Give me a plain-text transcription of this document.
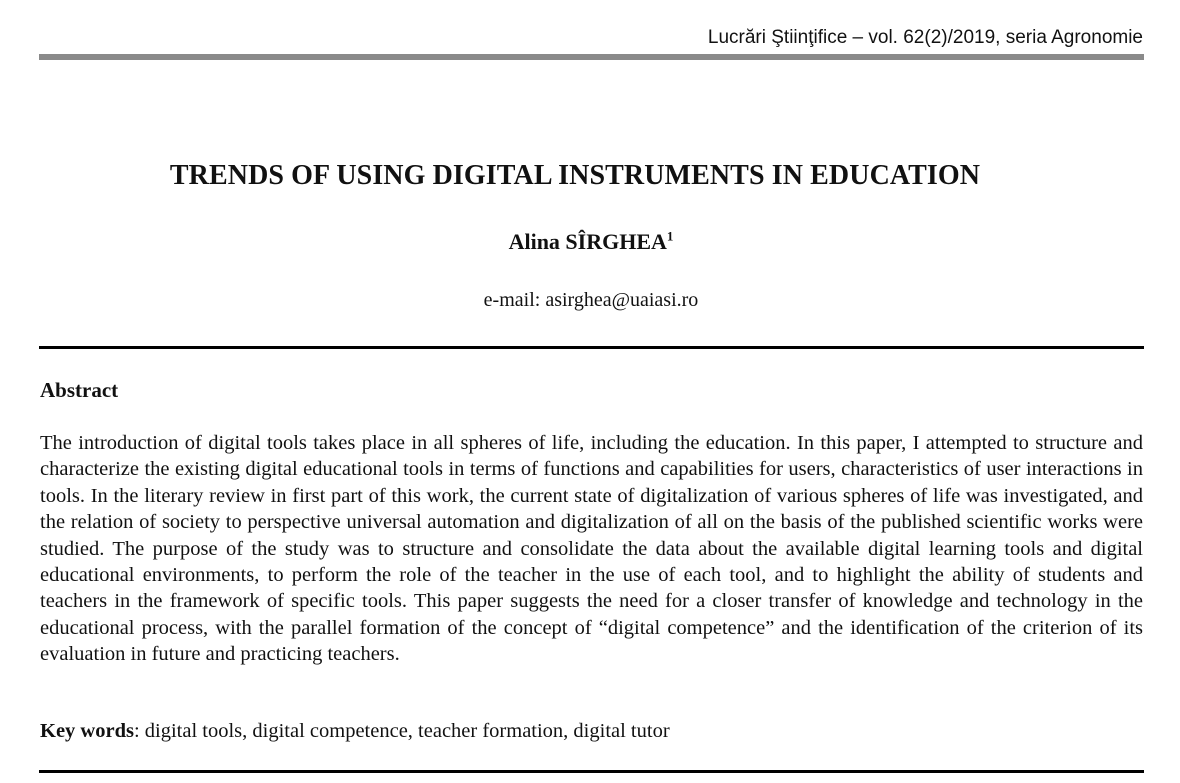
Lucrări Ştiinţifice – vol. 62(2)/2019, seria Agronomie
TRENDS OF USING DIGITAL INSTRUMENTS IN EDUCATION
Alina SÎRGHEA$^1$
e-mail: asirghea@uaiasi.ro
Abstract
The introduction of digital tools takes place in all spheres of life, including the education. In this paper, I attempted to structure and characterize the existing digital educational tools in terms of functions and capabilities for users, characteristics of user interactions in tools. In the literary review in first part of this work, the current state of digitalization of various spheres of life was investigated, and the relation of society to perspective universal automation and digitalization of all on the basis of the published scientific works were studied. The purpose of the study was to structure and consolidate the data about the available digital learning tools and digital educational environments, to perform the role of the teacher in the use of each tool, and to highlight the ability of students and teachers in the framework of specific tools. This paper suggests the need for a closer transfer of knowledge and technology in the educational process, with the parallel formation of the concept of “digital competence” and the identification of the criterion of its evaluation in future and practicing teachers.
Key words: digital tools, digital competence, teacher formation, digital tutor
